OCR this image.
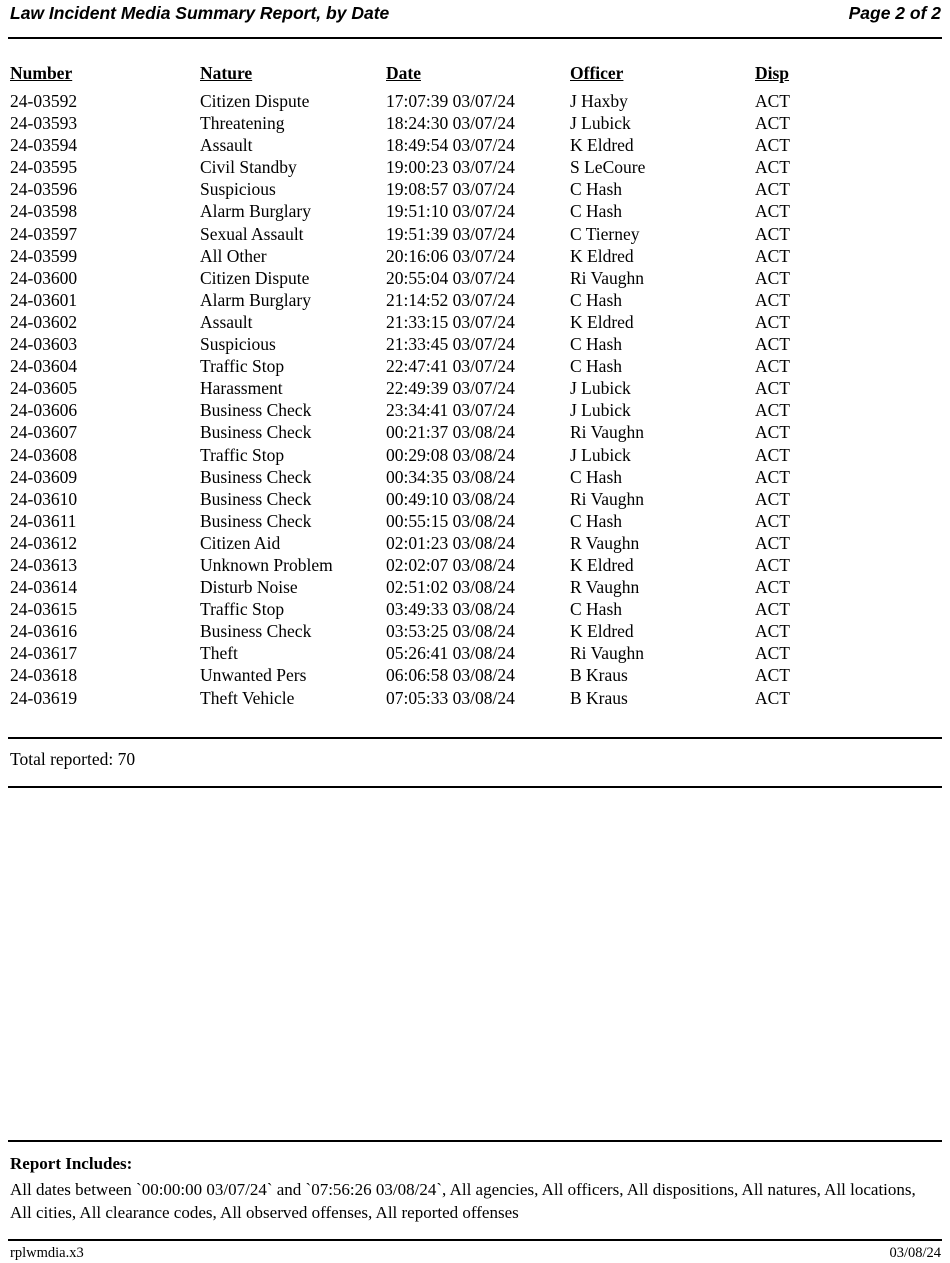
Law Incident Media Summary Report, by Date	Page 2 of 2
Number	Nature	Date	Officer	Disp
24-03592	Citizen Dispute	17:07:39 03/07/24	J Haxby	ACT
24-03593	Threatening	18:24:30 03/07/24	J Lubick	ACT
24-03594	Assault	18:49:54 03/07/24	K Eldred	ACT
24-03595	Civil Standby	19:00:23 03/07/24	S LeCoure	ACT
24-03596	Suspicious	19:08:57 03/07/24	C Hash	ACT
24-03598	Alarm Burglary	19:51:10 03/07/24	C Hash	ACT
24-03597	Sexual Assault	19:51:39 03/07/24	C Tierney	ACT
24-03599	All Other	20:16:06 03/07/24	K Eldred	ACT
24-03600	Citizen Dispute	20:55:04 03/07/24	Ri Vaughn	ACT
24-03601	Alarm Burglary	21:14:52 03/07/24	C Hash	ACT
24-03602	Assault	21:33:15 03/07/24	K Eldred	ACT
24-03603	Suspicious	21:33:45 03/07/24	C Hash	ACT
24-03604	Traffic Stop	22:47:41 03/07/24	C Hash	ACT
24-03605	Harassment	22:49:39 03/07/24	J Lubick	ACT
24-03606	Business Check	23:34:41 03/07/24	J Lubick	ACT
24-03607	Business Check	00:21:37 03/08/24	Ri Vaughn	ACT
24-03608	Traffic Stop	00:29:08 03/08/24	J Lubick	ACT
24-03609	Business Check	00:34:35 03/08/24	C Hash	ACT
24-03610	Business Check	00:49:10 03/08/24	Ri Vaughn	ACT
24-03611	Business Check	00:55:15 03/08/24	C Hash	ACT
24-03612	Citizen Aid	02:01:23 03/08/24	R Vaughn	ACT
24-03613	Unknown Problem	02:02:07 03/08/24	K Eldred	ACT
24-03614	Disturb Noise	02:51:02 03/08/24	R Vaughn	ACT
24-03615	Traffic Stop	03:49:33 03/08/24	C Hash	ACT
24-03616	Business Check	03:53:25 03/08/24	K Eldred	ACT
24-03617	Theft	05:26:41 03/08/24	Ri Vaughn	ACT
24-03618	Unwanted Pers	06:06:58 03/08/24	B Kraus	ACT
24-03619	Theft Vehicle	07:05:33 03/08/24	B Kraus	ACT
Total reported: 70

Report Includes:

All dates between `00:00:00 03/07/24` and `07:56:26 03/08/24`, All agencies, All officers, All dispositions, All natures, All locations, All cities, All clearance codes, All observed offenses, All reported offenses

rplwmdia.x3	03/08/24
